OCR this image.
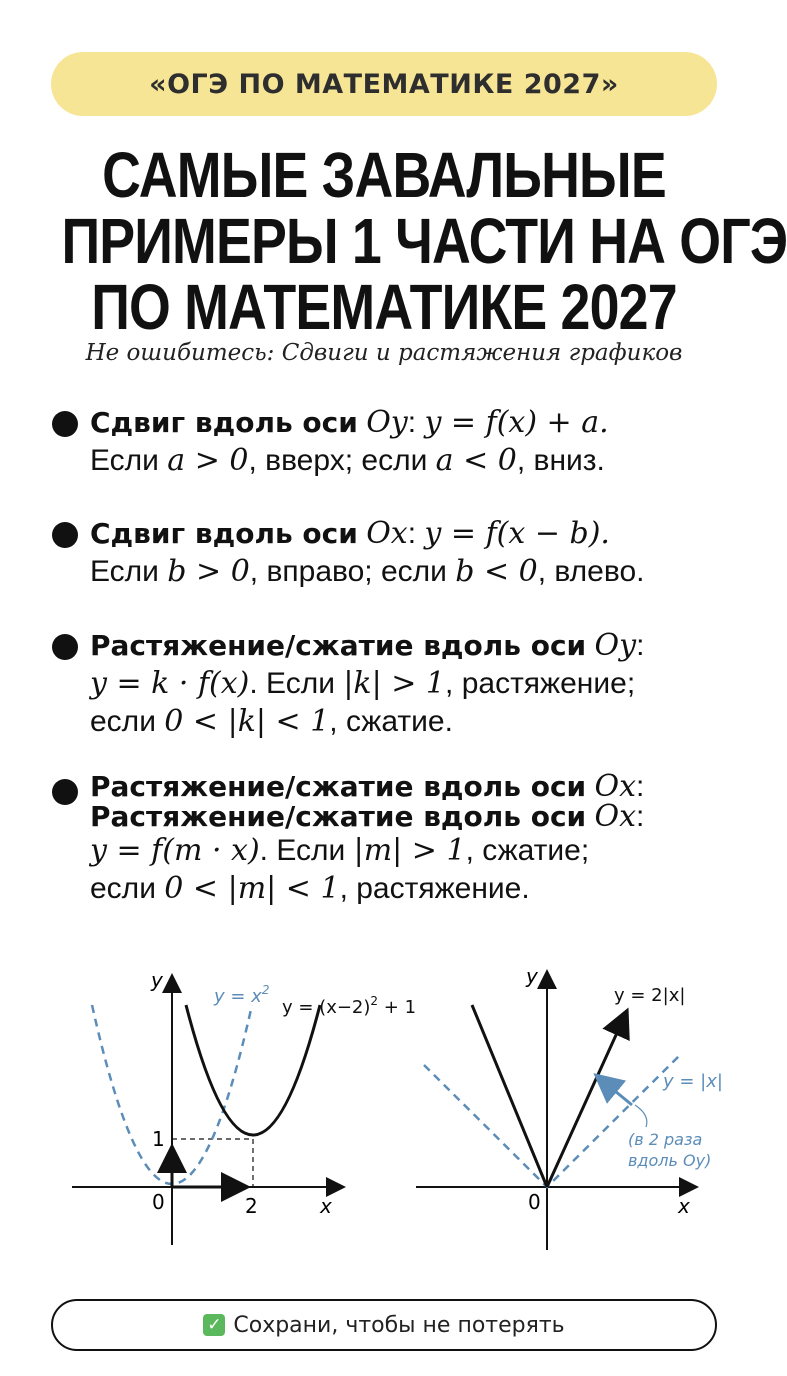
«ОГЭ ПО МАТЕМАТИКЕ 2027»
САМЫЕ ЗАВАЛЬНЫЕ
ПРИМЕРЫ 1 ЧАСТИ НА ОГЭ
ПО МАТЕМАТИКЕ 2027
Не ошибитесь: Сдвиги и растяжения графиков
Сдвиг вдоль оси Oy: y = f(x) + a.
Если a > 0, вверх; если a < 0, вниз.
Сдвиг вдоль оси Ox: y = f(x − b).
Если b > 0, вправо; если b < 0, влево.
Растяжение/сжатие вдоль оси Oy:
y = k · f(x). Если |k| > 1, растяжение;
если 0 < |k| < 1, сжатие.
Растяжение/сжатие вдоль оси Ox:
Растяжение/сжатие вдоль оси Ox:
y = f(m · x). Если |m| > 1, сжатие;
если 0 < |m| < 1, растяжение.
y
x
0	2
1
$y = x^2$
$y = (x-2)^2 + 1$
y
x
0
y = 2|x|
y = |x|
(в 2 раза
вдоль Oy)
✓ Сохрани, чтобы не потерять
